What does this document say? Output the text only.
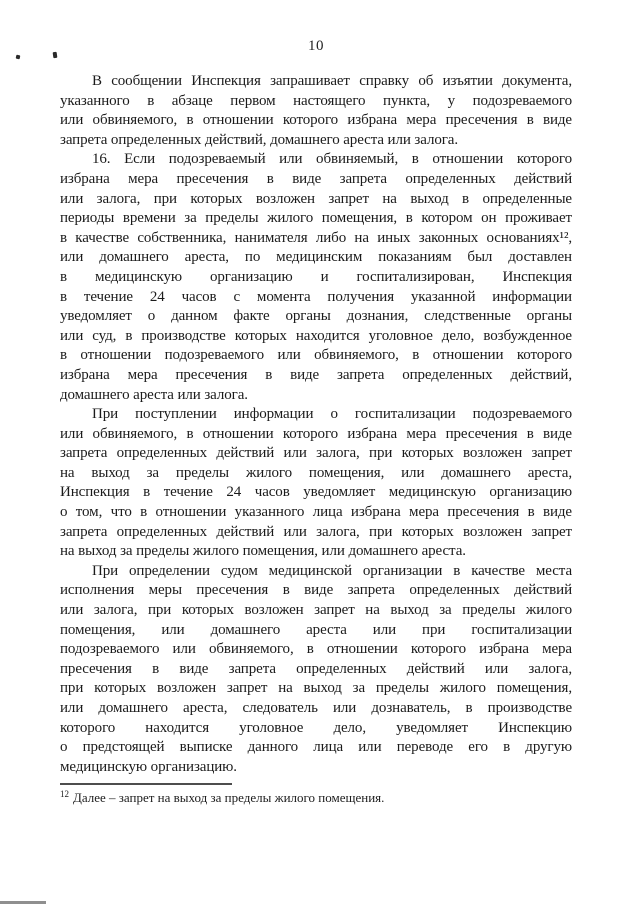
10
В сообщении Инспекция запрашивает справку об изъятии документа,
указанного в абзаце первом настоящего пункта, у подозреваемого
или обвиняемого, в отношении которого избрана мера пресечения в виде
запрета определенных действий, домашнего ареста или залога.
16. Если подозреваемый или обвиняемый, в отношении которого
избрана мера пресечения в виде запрета определенных действий
или залога, при которых возложен запрет на выход в определенные
периоды времени за пределы жилого помещения, в котором он проживает
в качестве собственника, нанимателя либо на иных законных основаниях¹²,
или домашнего ареста, по медицинским показаниям был доставлен
в медицинскую организацию и госпитализирован, Инспекция
в течение 24 часов с момента получения указанной информации
уведомляет о данном факте органы дознания, следственные органы
или суд, в производстве которых находится уголовное дело, возбужденное
в отношении подозреваемого или обвиняемого, в отношении которого
избрана мера пресечения в виде запрета определенных действий,
домашнего ареста или залога.
При поступлении информации о госпитализации подозреваемого
или обвиняемого, в отношении которого избрана мера пресечения в виде
запрета определенных действий или залога, при которых возложен запрет
на выход за пределы жилого помещения, или домашнего ареста,
Инспекция в течение 24 часов уведомляет медицинскую организацию
о том, что в отношении указанного лица избрана мера пресечения в виде
запрета определенных действий или залога, при которых возложен запрет
на выход за пределы жилого помещения, или домашнего ареста.
При определении судом медицинской организации в качестве места
исполнения меры пресечения в виде запрета определенных действий
или залога, при которых возложен запрет на выход за пределы жилого
помещения, или домашнего ареста или при госпитализации
подозреваемого или обвиняемого, в отношении которого избрана мера
пресечения в виде запрета определенных действий или залога,
при которых возложен запрет на выход за пределы жилого помещения,
или домашнего ареста, следователь или дознаватель, в производстве
которого находится уголовное дело, уведомляет Инспекцию
о предстоящей выписке данного лица или переводе его в другую
медицинскую организацию.
$^{12}$ Далее – запрет на выход за пределы жилого помещения.
